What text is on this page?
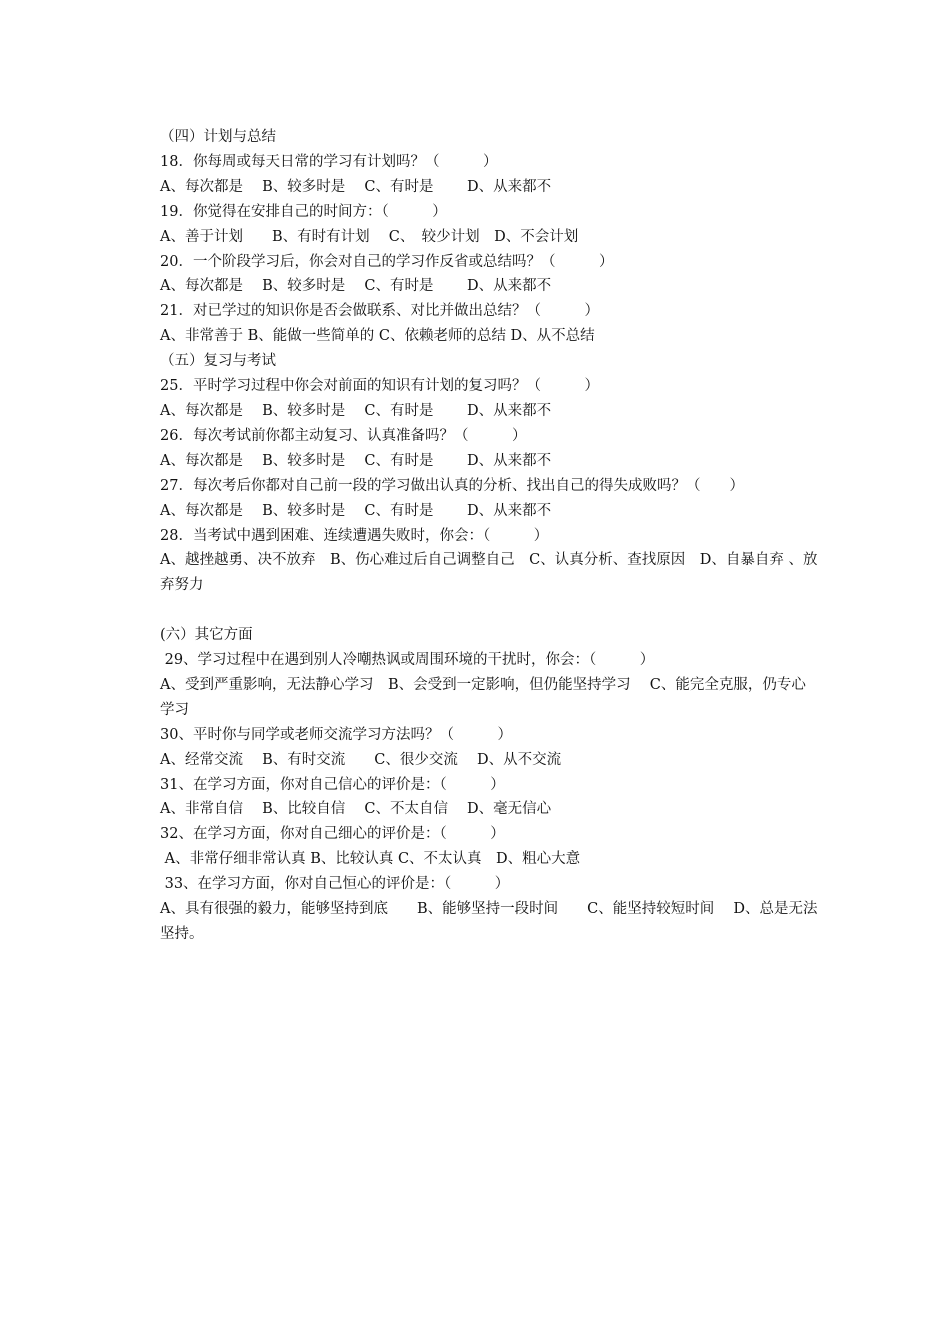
（四）计划与总结
18．你每周或每天日常的学习有计划吗？（　　　）
A、每次都是　 B、较多时是　 C、有时是　　 D、从来都不
19．你觉得在安排自己的时间方：（　　　）
A、善于计划　　B、有时有计划　 C、　较少计划　D、不会计划
20．一个阶段学习后，你会对自己的学习作反省或总结吗？（　　　）
A、每次都是　 B、较多时是　 C、有时是　　 D、从来都不
21．对已学过的知识你是否会做联系、对比并做出总结？（　　　）
A、非常善于 B、能做一些简单的 C、依赖老师的总结 D、从不总结
（五）复习与考试
25．平时学习过程中你会对前面的知识有计划的复习吗？（　　　）
A、每次都是　 B、较多时是　 C、有时是　　 D、从来都不
26．每次考试前你都主动复习、认真准备吗？（　　　）
A、每次都是　 B、较多时是　 C、有时是　　 D、从来都不
27．每次考后你都对自己前一段的学习做出认真的分析、找出自己的得失成败吗？（　　）
A、每次都是　 B、较多时是　 C、有时是　　 D、从来都不
28．当考试中遇到困难、连续遭遇失败时，你会：（　　　）
A、越挫越勇、决不放弃　B、伤心难过后自己调整自己　C、认真分析、查找原因　D、自暴自弃 、放弃努力
(六）其它方面
29、学习过程中在遇到别人冷嘲热讽或周围环境的干扰时，你会：（　　　）
A、受到严重影响，无法静心学习　B、会受到一定影响，但仍能坚持学习　 C、能完全克服，仍专心学习
30、平时你与同学或老师交流学习方法吗？（　　　）
A、经常交流　 B、有时交流　　C、很少交流　 D、从不交流
31、在学习方面，你对自己信心的评价是：（　　　）
A、非常自信　 B、比较自信　 C、不太自信　 D、毫无信心
32、在学习方面，你对自己细心的评价是：（　　　）
A、非常仔细非常认真 B、比较认真 C、不太认真　D、粗心大意
33、在学习方面，你对自己恒心的评价是：（　　　）
A、具有很强的毅力，能够坚持到底　　B、能够坚持一段时间　　C、能坚持较短时间　 D、总是无法坚持。
